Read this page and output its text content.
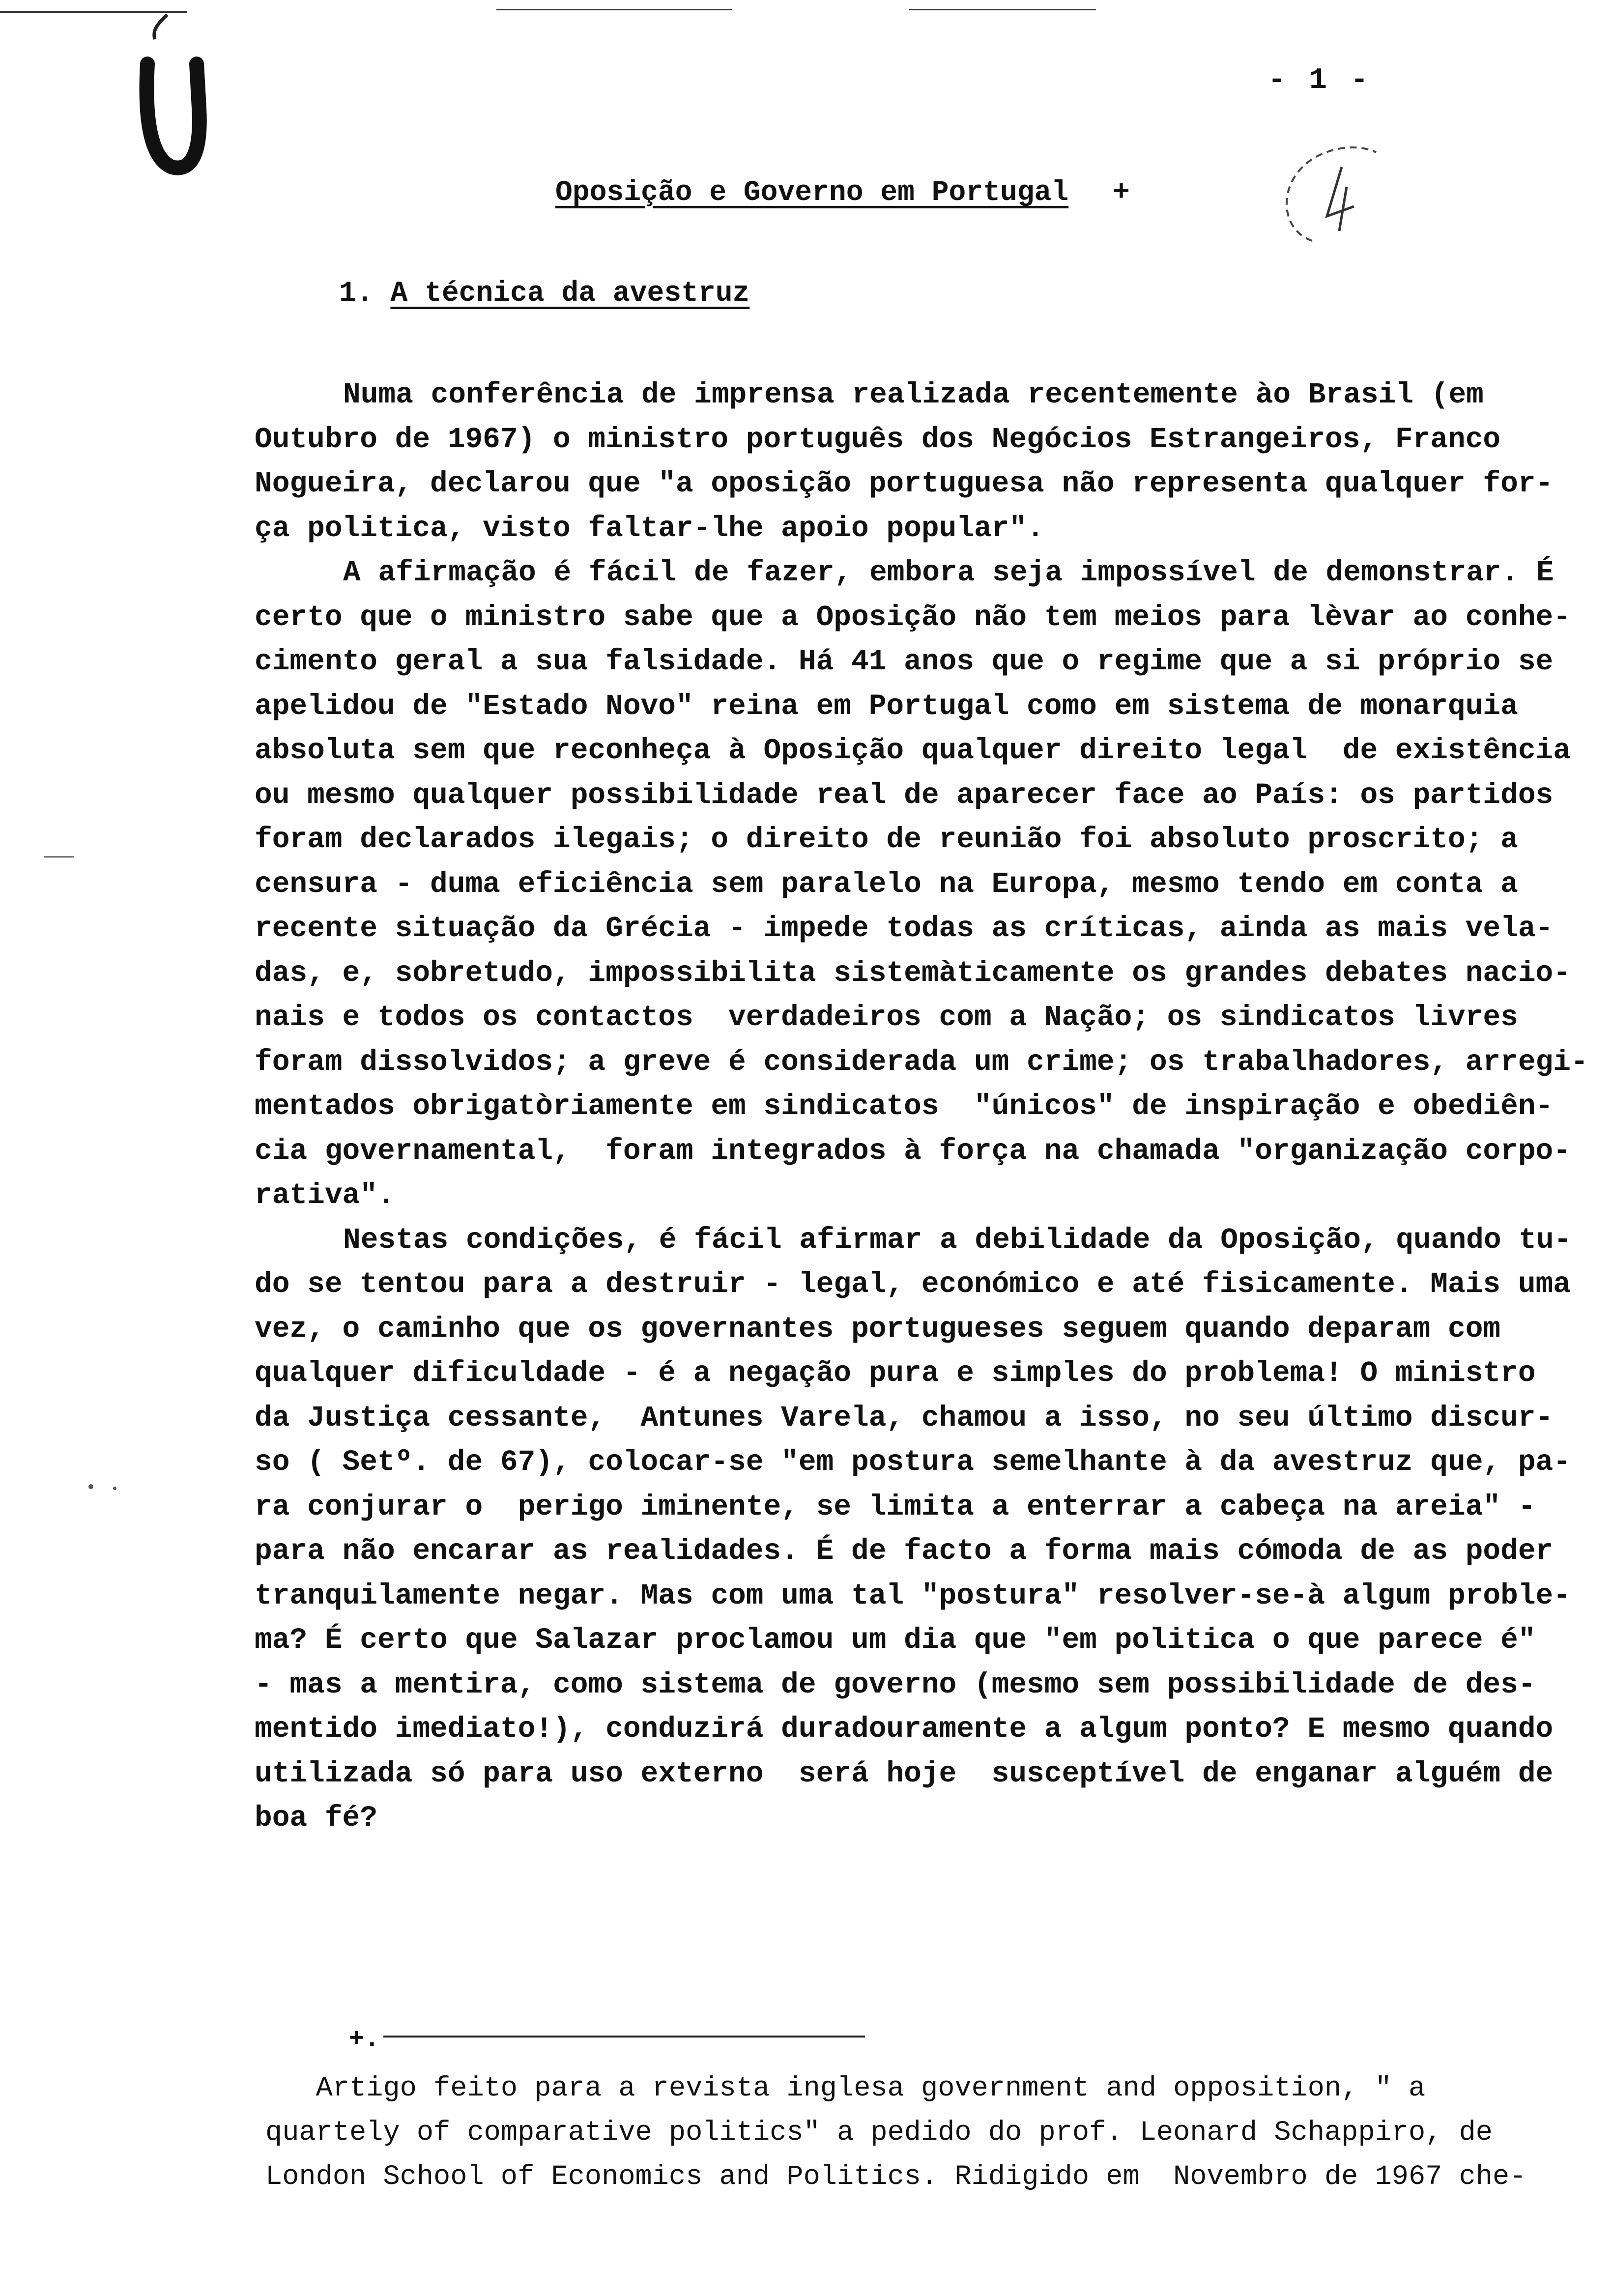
- 1 -
Oposição e Governo em Portugal +
1. A técnica da avestruz

Numa conferência de imprensa realizada recentemente ào Brasil (em

Outubro de 1967) o ministro português dos Negócios Estrangeiros, Franco

Nogueira, declarou que "a oposição portuguesa não representa qualquer for-

ça politica, visto faltar-lhe apoio popular".

A afirmação é fácil de fazer, embora seja impossível de demonstrar. É

certo que o ministro sabe que a Oposição não tem meios para lèvar ao conhe-

cimento geral a sua falsidade. Há 41 anos que o regime que a si próprio se

apelidou de "Estado Novo" reina em Portugal como em sistema de monarquia

absoluta sem que reconheça à Oposição qualquer direito legal  de existência

ou mesmo qualquer possibilidade real de aparecer face ao País: os partidos

foram declarados ilegais; o direito de reunião foi absoluto proscrito; a

censura - duma eficiência sem paralelo na Europa, mesmo tendo em conta a

recente situação da Grécia - impede todas as críticas, ainda as mais vela-

das, e, sobretudo, impossibilita sistemàticamente os grandes debates nacio-

nais e todos os contactos  verdadeiros com a Nação; os sindicatos livres

foram dissolvidos; a greve é considerada um crime; os trabalhadores, arregi-

mentados obrigatòriamente em sindicatos  "únicos" de inspiração e obediên-

cia governamental,  foram integrados à força na chamada "organização corpo-

rativa".

Nestas condições, é fácil afirmar a debilidade da Oposição, quando tu-

do se tentou para a destruir - legal, económico e até fisicamente. Mais uma

vez, o caminho que os governantes portugueses seguem quando deparam com

qualquer dificuldade - é a negação pura e simples do problema! O ministro

da Justiça cessante,  Antunes Varela, chamou a isso, no seu último discur-

so ( Setº. de 67), colocar-se "em postura semelhante à da avestruz que, pa-

ra conjurar o  perigo iminente, se limita a enterrar a cabeça na areia" -

para não encarar as realidades. É de facto a forma mais cómoda de as poder

tranquilamente negar. Mas com uma tal "postura" resolver-se-à algum proble-

ma? É certo que Salazar proclamou um dia que "em politica o que parece é"

- mas a mentira, como sistema de governo (mesmo sem possibilidade de des-

mentido imediato!), conduzirá duradouramente a algum ponto? E mesmo quando

utilizada só para uso externo  será hoje  susceptível de enganar alguém de

boa fé?

+.

Artigo feito para a revista inglesa government and opposition, " a

quartely of comparative politics" a pedido do prof. Leonard Schappiro, de

London School of Economics and Politics. Ridigido em  Novembro de 1967 che-
